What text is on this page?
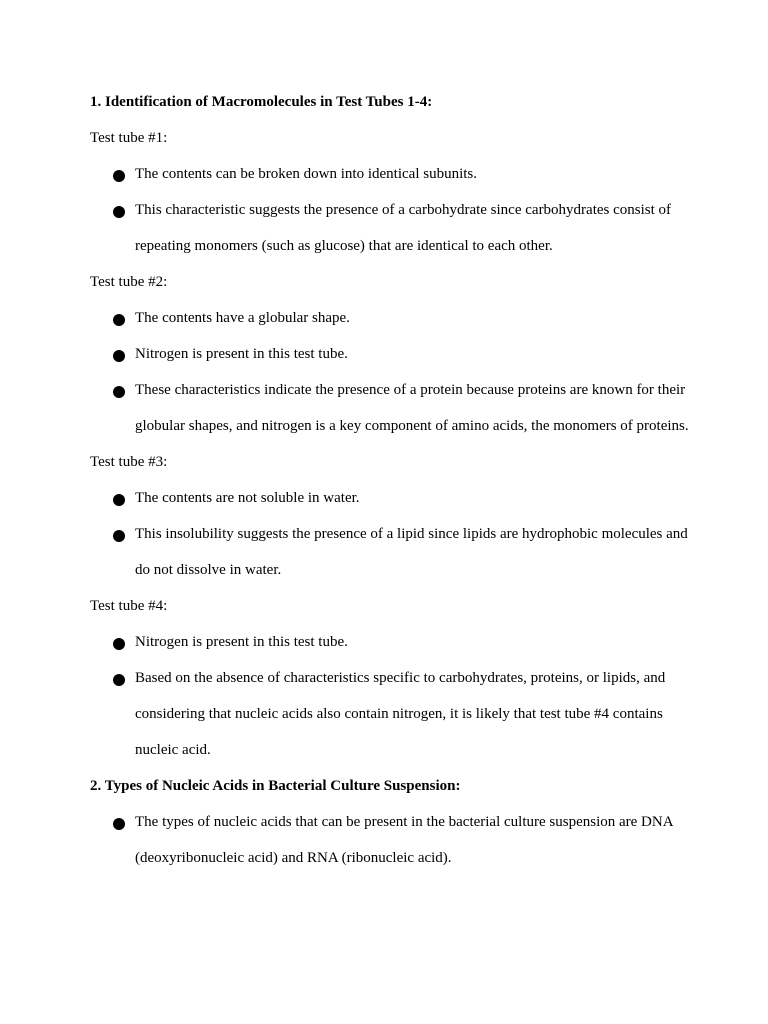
1. Identification of Macromolecules in Test Tubes 1-4:

Test tube #1:

The contents can be broken down into identical subunits.
This characteristic suggests the presence of a carbohydrate since carbohydrates consist of repeating monomers (such as glucose) that are identical to each other.

Test tube #2:

The contents have a globular shape.
Nitrogen is present in this test tube.
These characteristics indicate the presence of a protein because proteins are known for their globular shapes, and nitrogen is a key component of amino acids, the monomers of proteins.

Test tube #3:

The contents are not soluble in water.
This insolubility suggests the presence of a lipid since lipids are hydrophobic molecules and do not dissolve in water.

Test tube #4:

Nitrogen is present in this test tube.
Based on the absence of characteristics specific to carbohydrates, proteins, or lipids, and considering that nucleic acids also contain nitrogen, it is likely that test tube #4 contains nucleic acid.

2. Types of Nucleic Acids in Bacterial Culture Suspension:

The types of nucleic acids that can be present in the bacterial culture suspension are DNA (deoxyribonucleic acid) and RNA (ribonucleic acid).
